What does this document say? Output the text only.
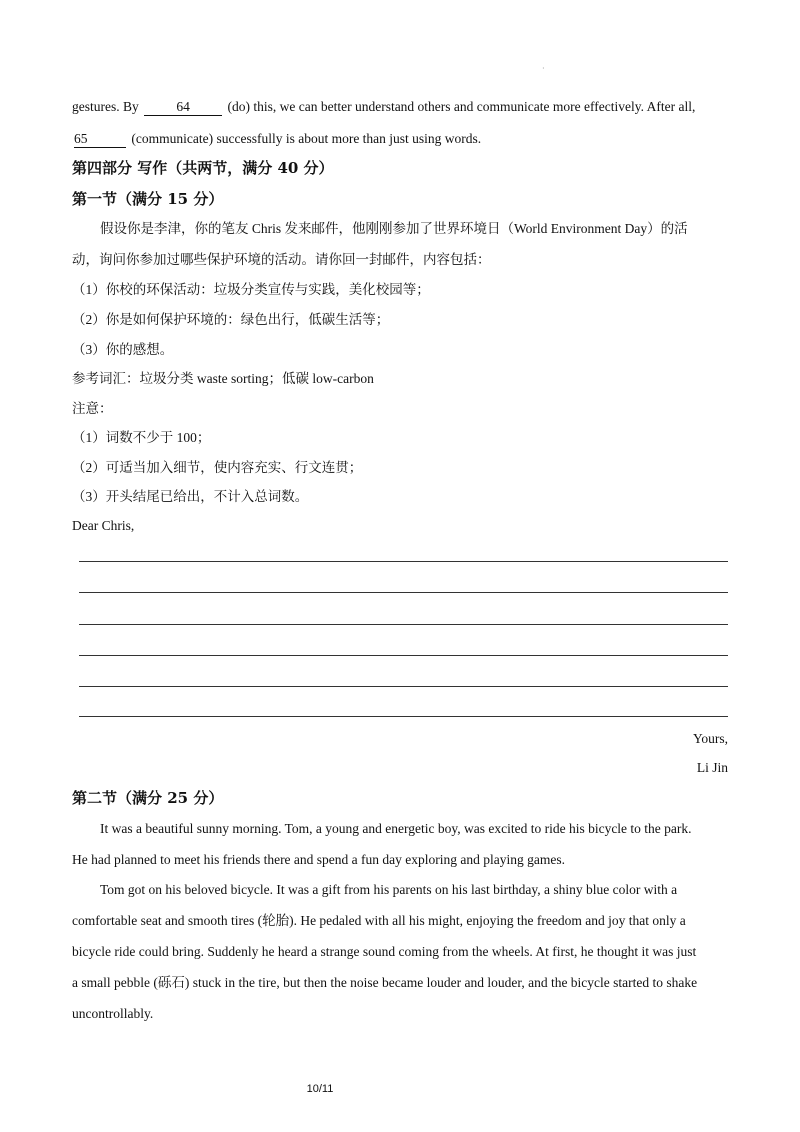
·
gestures. By	64	(do) this, we can better understand others and communicate more effectively. After all,
65	(communicate) successfully is about more than just using words.
第四部分 写作（共两节，满分 40 分）
第一节（满分 15 分）
假设你是李津，你的笔友 Chris 发来邮件，他刚刚参加了世界环境日（World Environment Day）的活
动，询问你参加过哪些保护环境的活动。请你回一封邮件，内容包括：
（1）你校的环保活动：垃圾分类宣传与实践，美化校园等；
（2）你是如何保护环境的：绿色出行，低碳生活等；
（3）你的感想。
参考词汇：垃圾分类 waste sorting；低碳 low-carbon
注意：
（1）词数不少于 100；
（2）可适当加入细节，使内容充实、行文连贯；
（3）开头结尾已给出，不计入总词数。
Dear Chris,
Yours,
Li Jin
第二节（满分 25 分）
It was a beautiful sunny morning. Tom, a young and energetic boy, was excited to ride his bicycle to the park.
He had planned to meet his friends there and spend a fun day exploring and playing games.
Tom got on his beloved bicycle. It was a gift from his parents on his last birthday, a shiny blue color with a
comfortable seat and smooth tires (轮胎). He pedaled with all his might, enjoying the freedom and joy that only a
bicycle ride could bring. Suddenly he heard a strange sound coming from the wheels. At first, he thought it was just
a small pebble (砾石) stuck in the tire, but then the noise became louder and louder, and the bicycle started to shake
uncontrollably.
10/11
